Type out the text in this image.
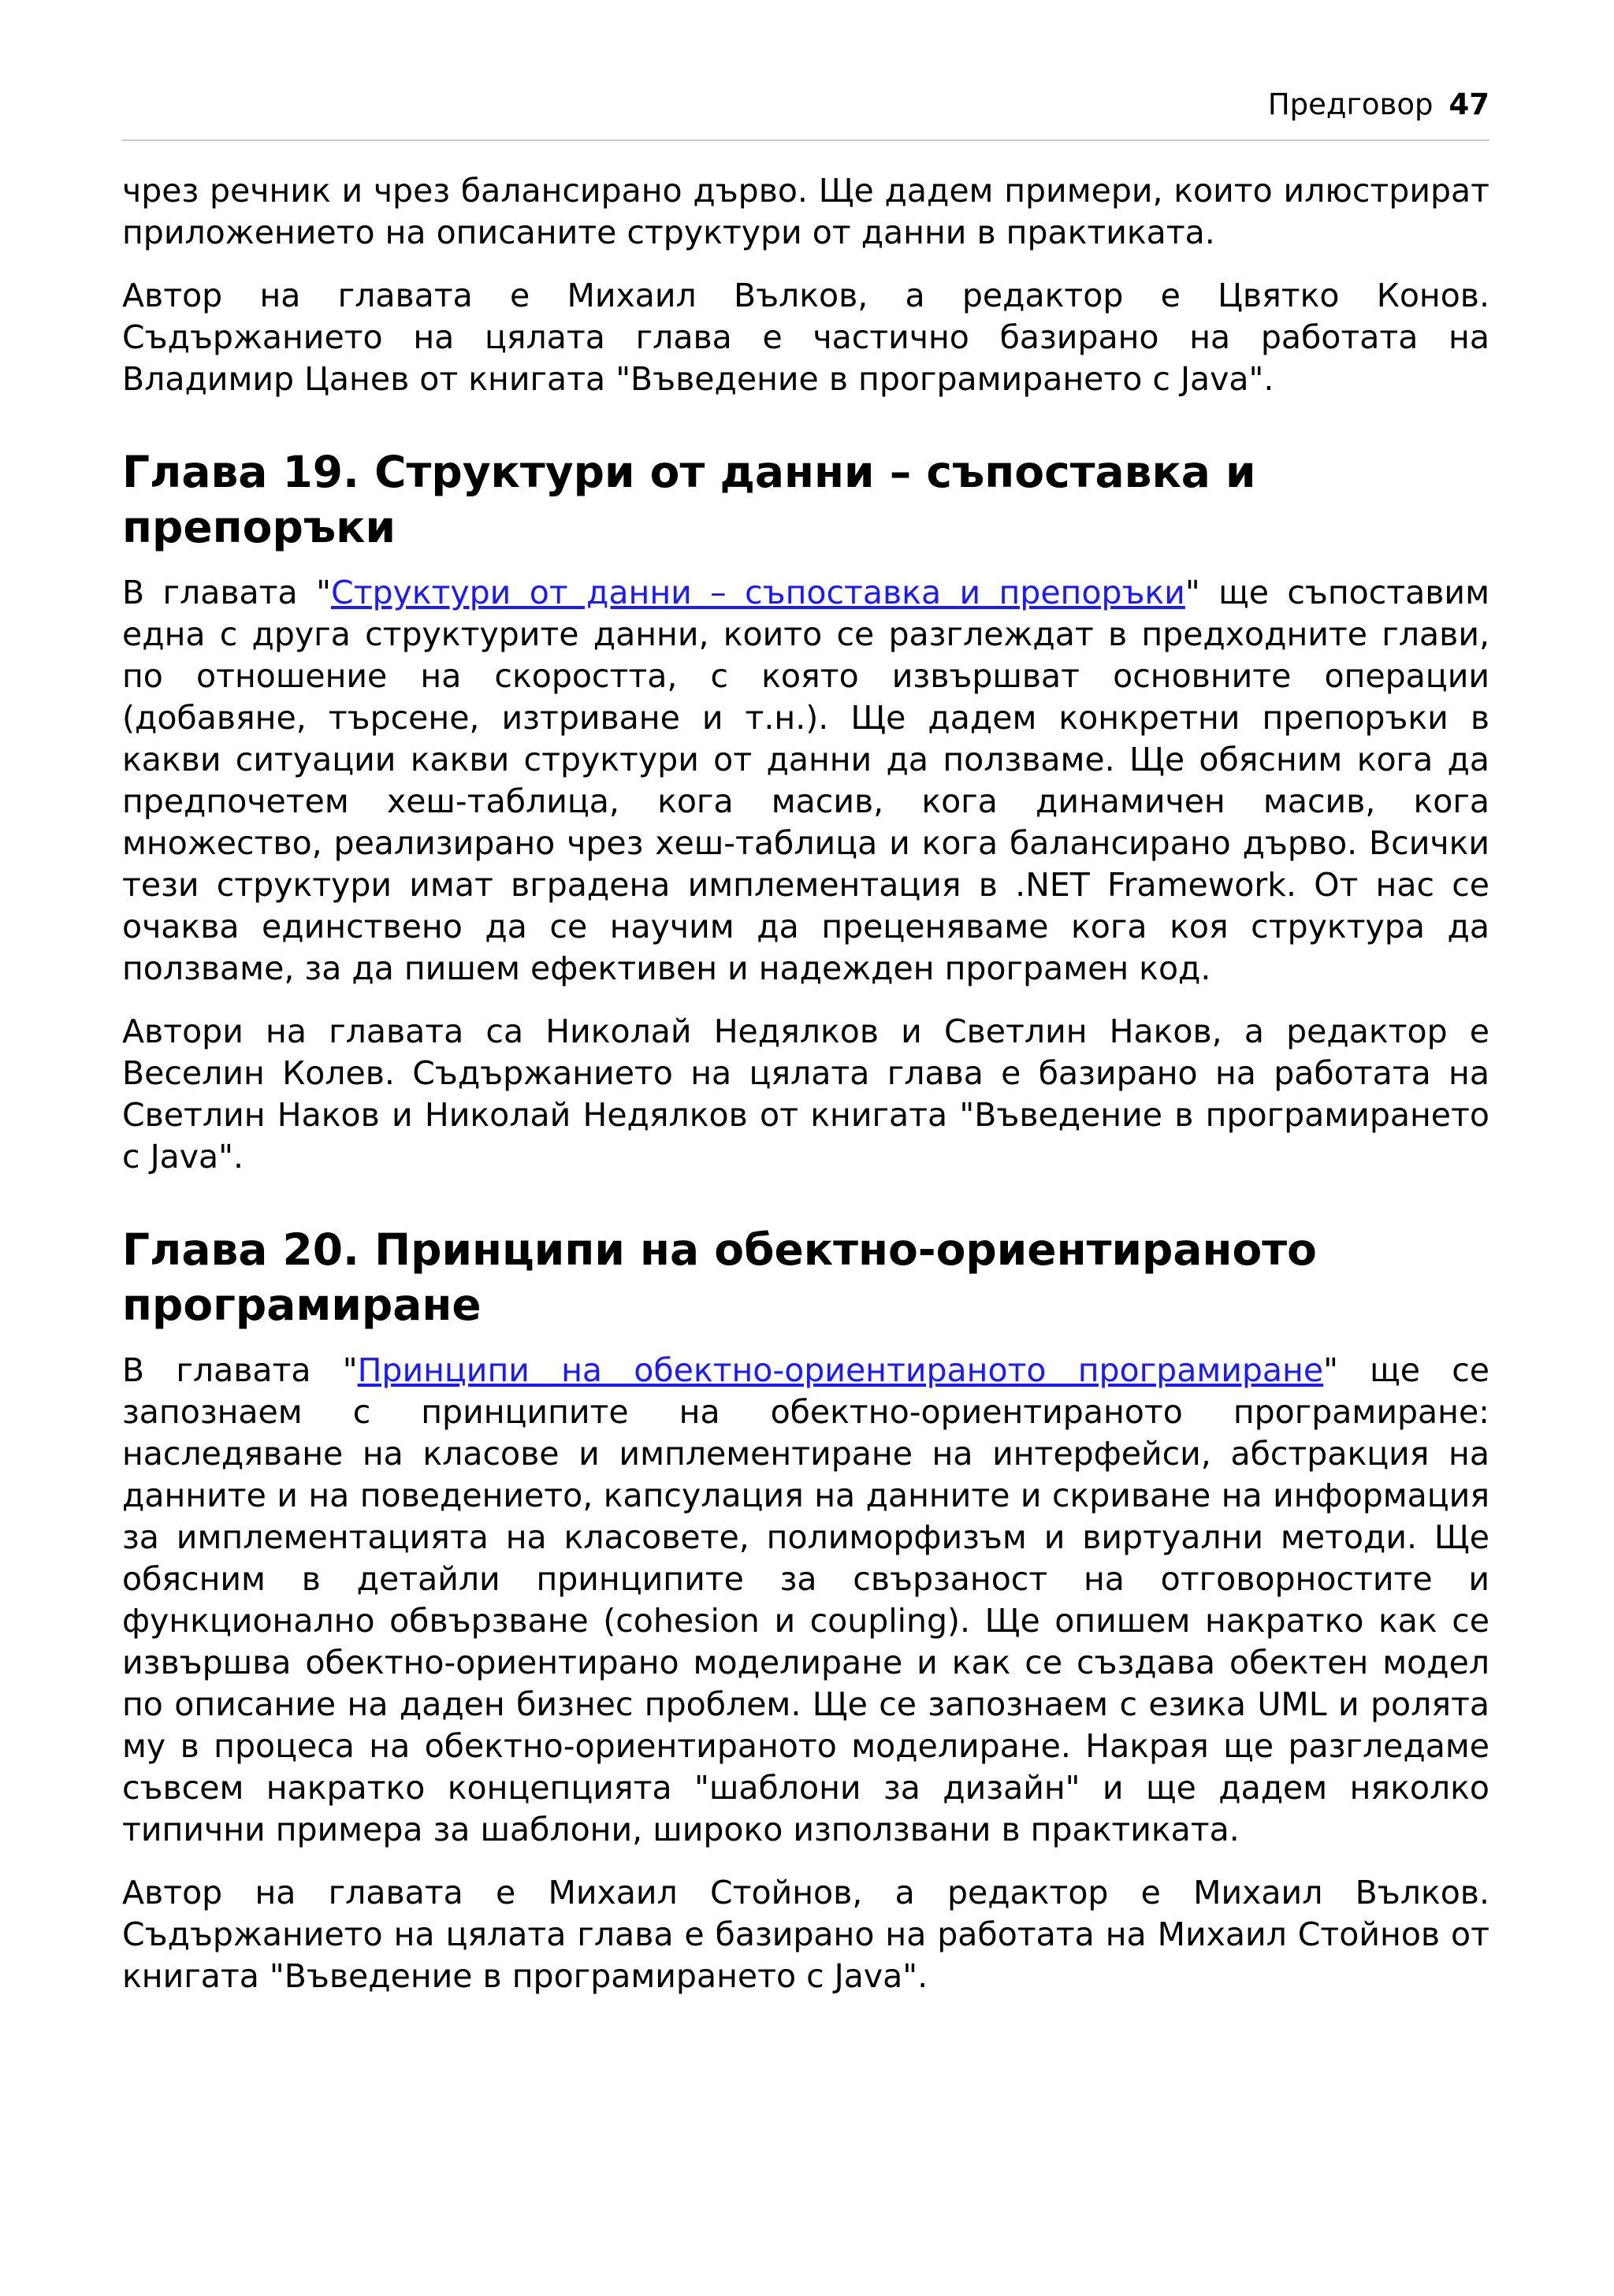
Предговор 47

чрез речник и чрез балансирано дърво. Ще дадем примери, които илюстрират приложението на описаните структури от данни в практиката.

Автор на главата е Михаил Вълков, а редактор е Цвятко Конов. Съдържанието на цялата глава е частично базирано на работата на Владимир Цанев от книгата "Въведение в програмирането с Java".

Глава 19. Структури от данни – съпоставка и препоръки

В главата "Структури от данни – съпоставка и препоръки" ще съпоставим една с друга структурите данни, които се разглеждат в предходните глави, по отношение на скоростта, с която извършват основните операции (добавяне, търсене, изтриване и т.н.). Ще дадем конкретни препоръки в какви ситуации какви структури от данни да ползваме. Ще обясним кога да предпочетем хеш-таблица, кога масив, кога динамичен масив, кога множество, реализирано чрез хеш-таблица и кога балансирано дърво. Всички тези структури имат вградена имплементация в .NET Framework. От нас се очаква единствено да се научим да преценяваме кога коя структура да ползваме, за да пишем ефективен и надежден програмен код.

Автори на главата са Николай Недялков и Светлин Наков, а редактор е Веселин Колев. Съдържанието на цялата глава е базирано на работата на Светлин Наков и Николай Недялков от книгата "Въведение в програмирането с Java".

Глава 20. Принципи на обектно-ориентираното програмиране

В главата "Принципи на обектно-ориентираното програмиране" ще се запознаем с принципите на обектно-ориентираното програмиране: наследяване на класове и имплементиране на интерфейси, абстракция на данните и на поведението, капсулация на данните и скриване на информация за имплементацията на класовете, полиморфизъм и виртуални методи. Ще обясним в детайли принципите за свързаност на отговорностите и функционално обвързване (cohesion и coupling). Ще опишем накратко как се извършва обектно-ориентирано моделиране и как се създава обектен модел по описание на даден бизнес проблем. Ще се запознаем с езика UML и ролята му в процеса на обектно-ориентираното моделиране. Накрая ще разгледаме съвсем накратко концепцията "шаблони за дизайн" и ще дадем няколко типични примера за шаблони, широко използвани в практиката.

Автор на главата е Михаил Стойнов, а редактор е Михаил Вълков. Съдържанието на цялата глава е базирано на работата на Михаил Стойнов от книгата "Въведение в програмирането с Java".
